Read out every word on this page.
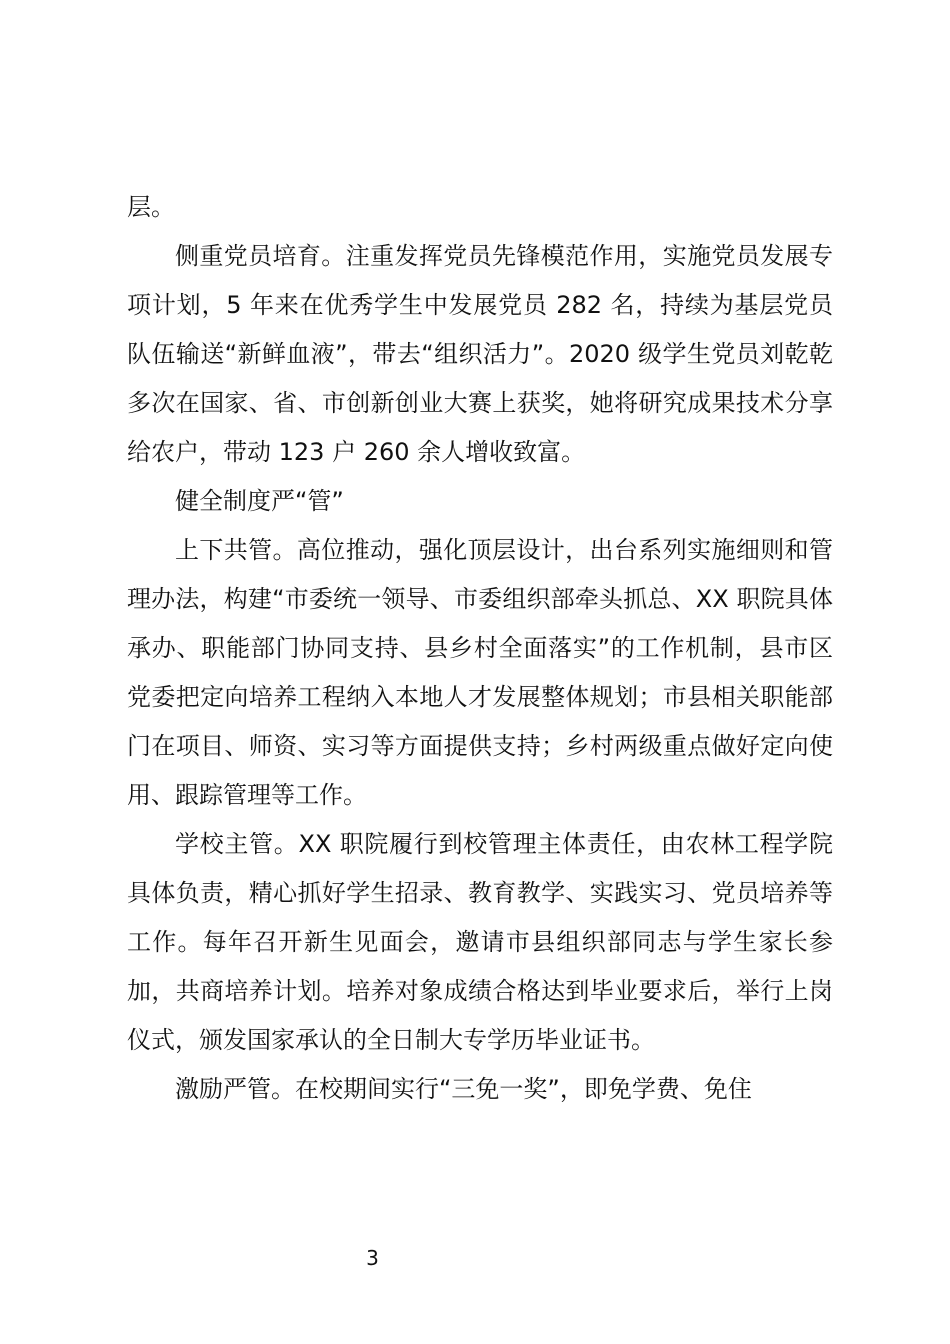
层。

侧重党员培育。注重发挥党员先锋模范作用，实施党员发展专项计划，5 年来在优秀学生中发展党员 282 名，持续为基层党员队伍输送“新鲜血液”，带去“组织活力”。2020 级学生党员刘乾乾多次在国家、省、市创新创业大赛上获奖，她将研究成果技术分享给农户，带动 123 户 260 余人增收致富。

健全制度严“管”

上下共管。高位推动，强化顶层设计，出台系列实施细则和管理办法，构建“市委统一领导、市委组织部牵头抓总、XX 职院具体承办、职能部门协同支持、县乡村全面落实”的工作机制，县市区党委把定向培养工程纳入本地人才发展整体规划；市县相关职能部门在项目、师资、实习等方面提供支持；乡村两级重点做好定向使用、跟踪管理等工作。

学校主管。XX 职院履行到校管理主体责任，由农林工程学院具体负责，精心抓好学生招录、教育教学、实践实习、党员培养等工作。每年召开新生见面会，邀请市县组织部同志与学生家长参加，共商培养计划。培养对象成绩合格达到毕业要求后，举行上岗仪式，颁发国家承认的全日制大专学历毕业证书。

激励严管。在校期间实行“三免一奖”，即免学费、免住

3
